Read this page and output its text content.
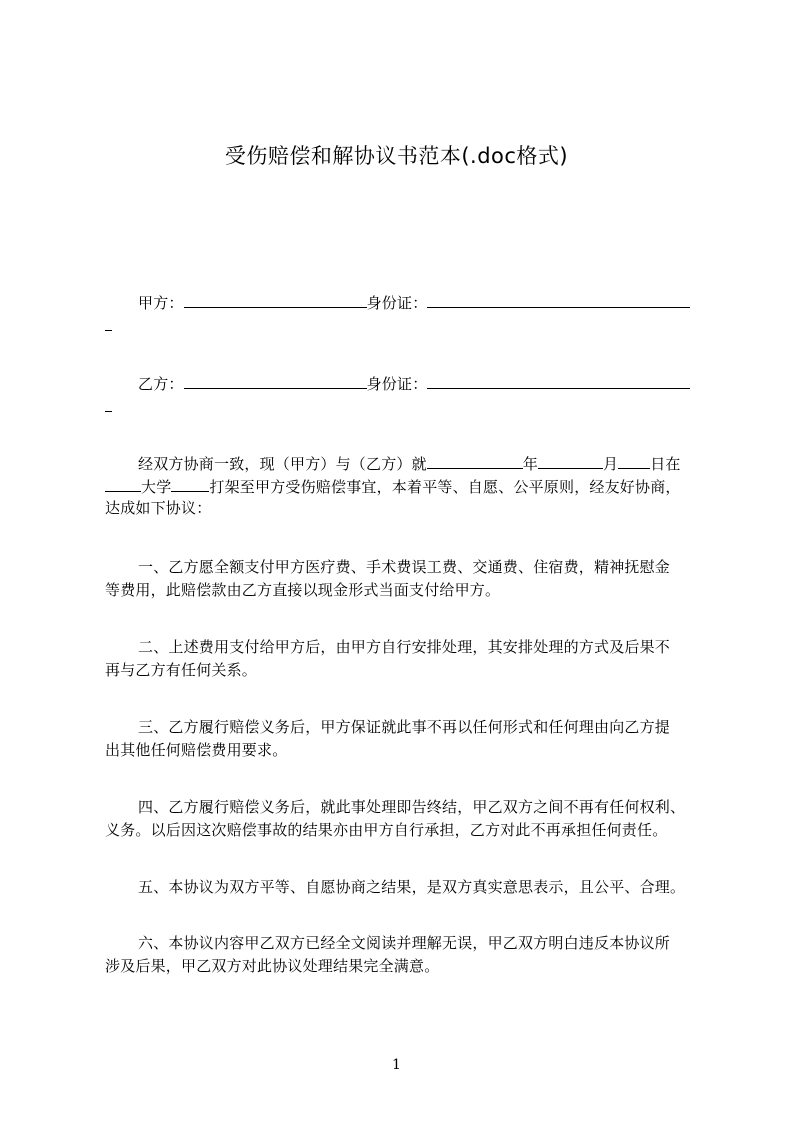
受伤赔偿和解协议书范本(.doc格式)
甲方：	身份证：
乙方：	身份证：
经双方协商一致，现（甲方）与（乙方）就	年	月 日在
大学	打架至甲方受伤赔偿事宜，本着平等、自愿、公平原则，经友好协商，
达成如下协议：
一、乙方愿全额支付甲方医疗费、手术费误工费、交通费、住宿费，精神抚慰金
等费用，此赔偿款由乙方直接以现金形式当面支付给甲方。
二、上述费用支付给甲方后，由甲方自行安排处理，其安排处理的方式及后果不
再与乙方有任何关系。
三、乙方履行赔偿义务后，甲方保证就此事不再以任何形式和任何理由向乙方提
出其他任何赔偿费用要求。
四、乙方履行赔偿义务后，就此事处理即告终结，甲乙双方之间不再有任何权利、
义务。以后因这次赔偿事故的结果亦由甲方自行承担，乙方对此不再承担任何责任。
五、本协议为双方平等、自愿协商之结果，是双方真实意思表示，且公平、合理。
六、本协议内容甲乙双方已经全文阅读并理解无误，甲乙双方明白违反本协议所
涉及后果，甲乙双方对此协议处理结果完全满意。
1
